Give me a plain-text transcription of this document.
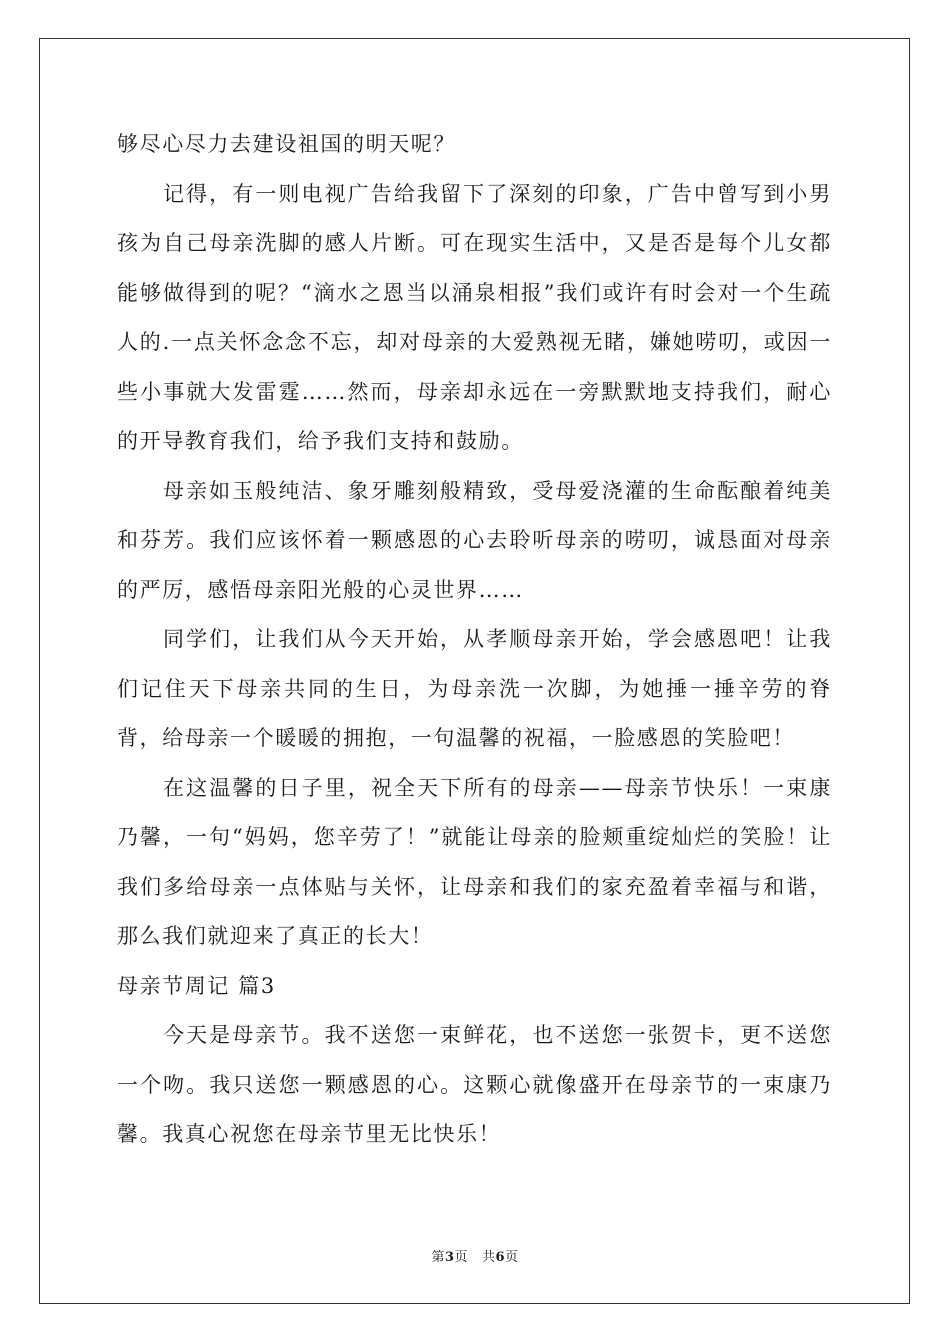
够尽心尽力去建设祖国的明天呢？

记得，有一则电视广告给我留下了深刻的印象，广告中曾写到小男孩为自己母亲洗脚的感人片断。可在现实生活中，又是否是每个儿女都能够做得到的呢？“滴水之恩当以涌泉相报”我们或许有时会对一个生疏人的.一点关怀念念不忘，却对母亲的大爱熟视无睹，嫌她唠叨，或因一些小事就大发雷霆……然而，母亲却永远在一旁默默地支持我们，耐心的开导教育我们，给予我们支持和鼓励。

母亲如玉般纯洁、象牙雕刻般精致，受母爱浇灌的生命酝酿着纯美和芬芳。我们应该怀着一颗感恩的心去聆听母亲的唠叨，诚恳面对母亲的严厉，感悟母亲阳光般的心灵世界……

同学们，让我们从今天开始，从孝顺母亲开始，学会感恩吧！让我们记住天下母亲共同的生日，为母亲洗一次脚，为她捶一捶辛劳的脊背，给母亲一个暖暖的拥抱，一句温馨的祝福，一脸感恩的笑脸吧！

在这温馨的日子里，祝全天下所有的母亲——母亲节快乐！一束康乃馨，一句“妈妈，您辛劳了！”就能让母亲的脸颊重绽灿烂的笑脸！让我们多给母亲一点体贴与关怀，让母亲和我们的家充盈着幸福与和谐，那么我们就迎来了真正的长大！

母亲节周记 篇3

今天是母亲节。我不送您一束鲜花，也不送您一张贺卡，更不送您一个吻。我只送您一颗感恩的心。这颗心就像盛开在母亲节的一束康乃馨。我真心祝您在母亲节里无比快乐！

第3页 共6页
